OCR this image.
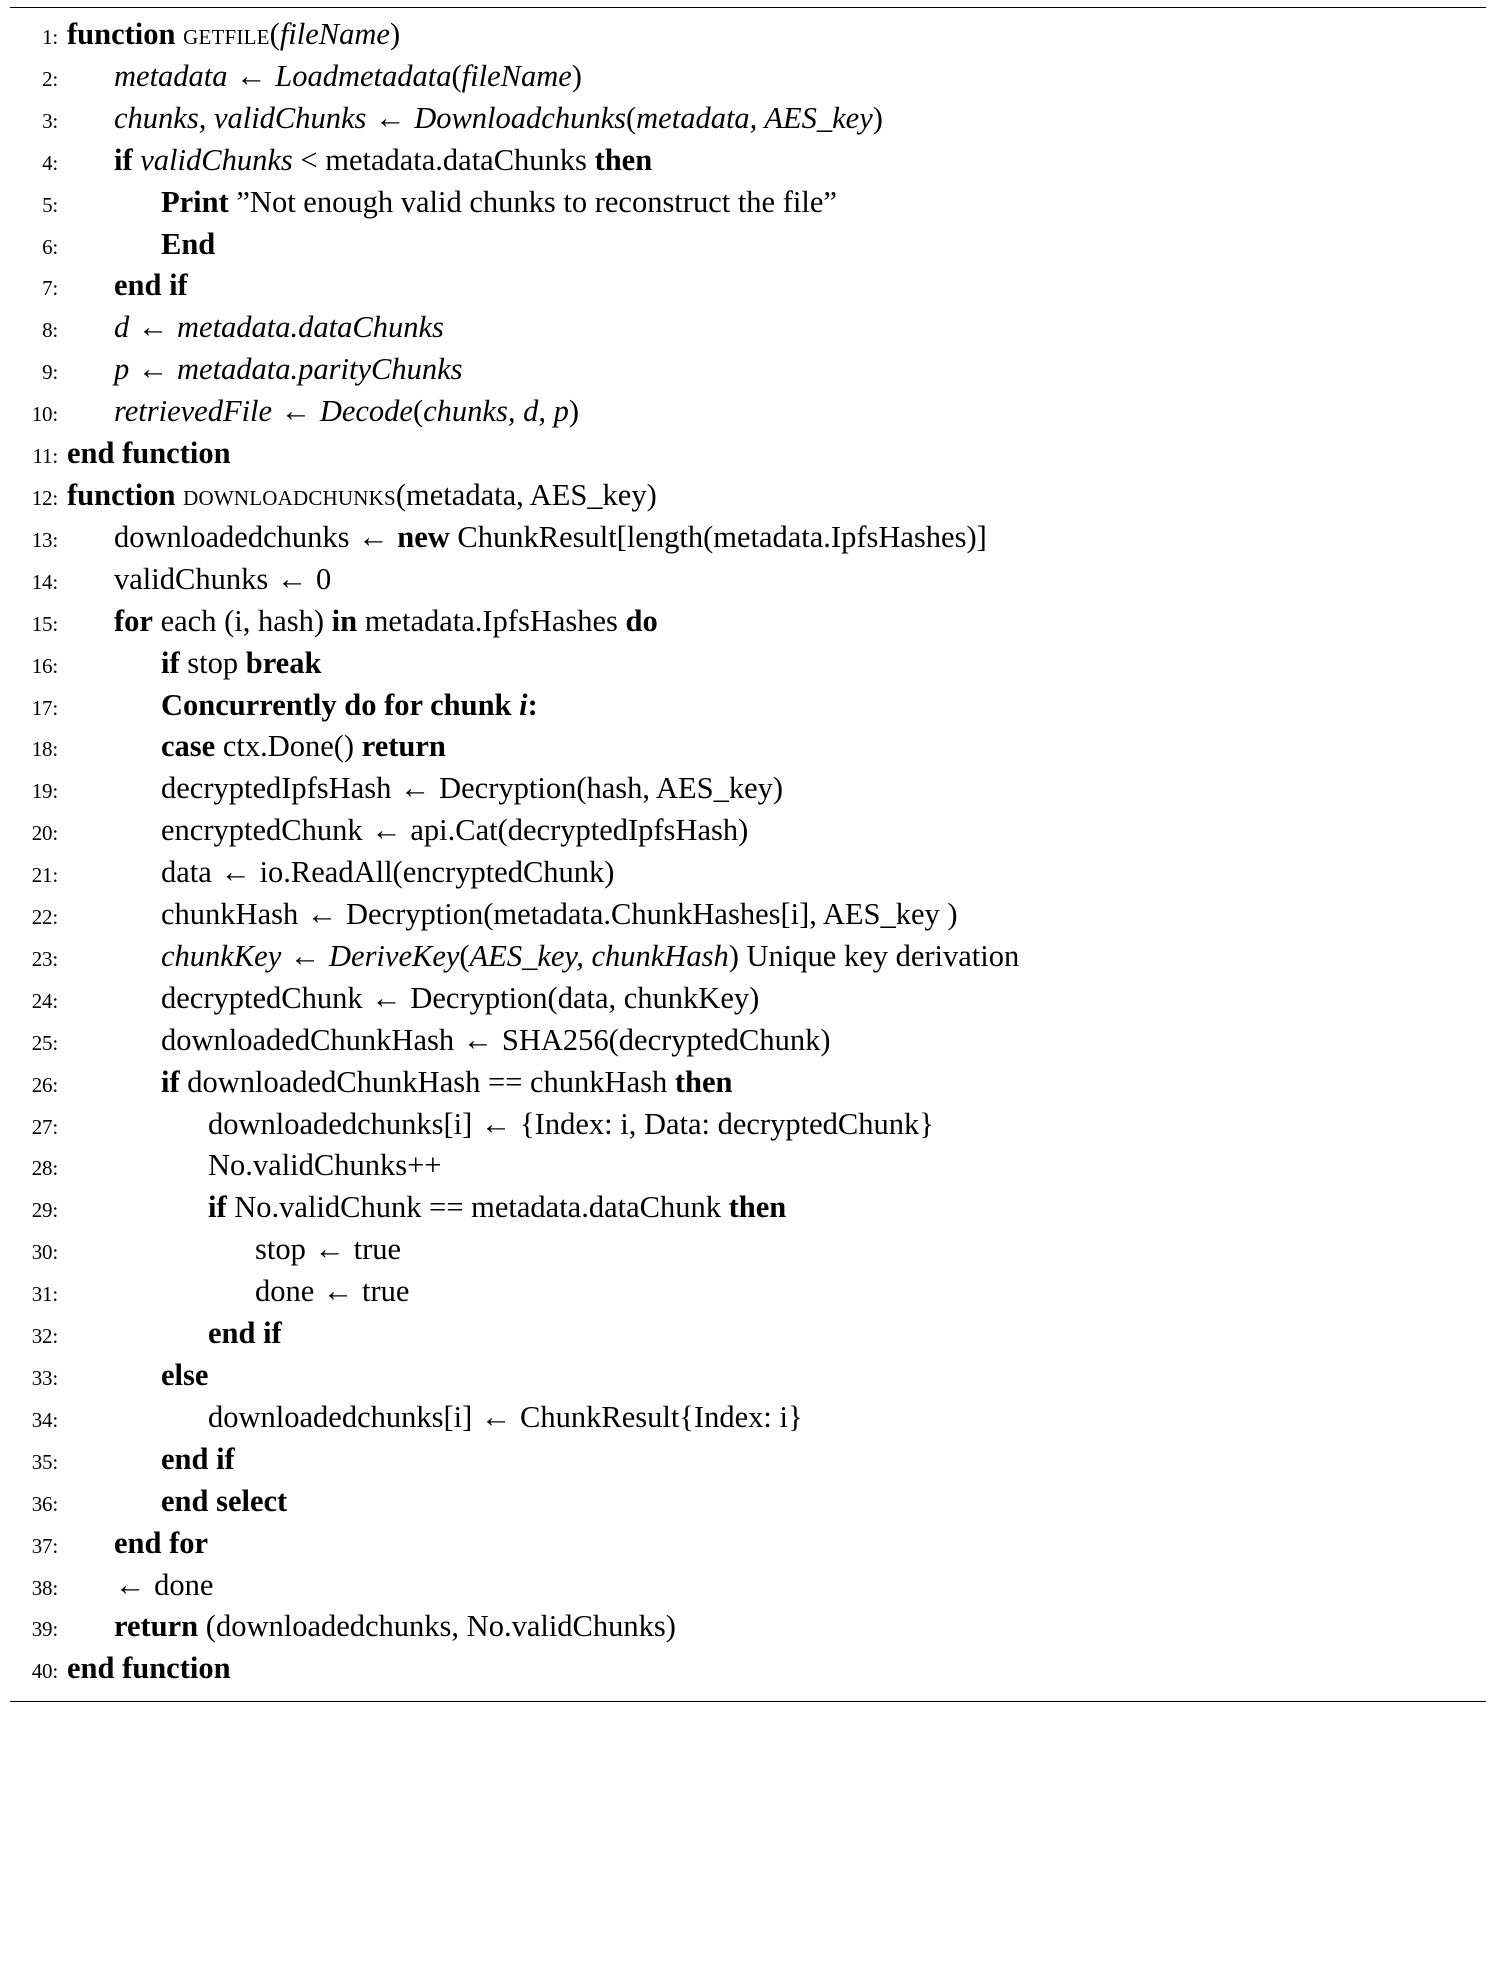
1: function getfile(fileName)
2:	metadata ← Loadmetadata(fileName)
3:	chunks, validChunks ← Downloadchunks(metadata, AES_key)
4:	if validChunks < metadata.dataChunks then
5:	Print ”Not enough valid chunks to reconstruct the file”
6:	End
7:	end if
8:	d ← metadata.dataChunks
9:	p ← metadata.parityChunks
10:	retrievedFile ← Decode(chunks, d, p)
11: end function
12: function downloadchunks(metadata, AES_key)
13:	downloadedchunks ← new ChunkResult[length(metadata.IpfsHashes)]
14:	validChunks ← 0
15:	for each (i, hash) in metadata.IpfsHashes do
16:	if stop break
17:	Concurrently do for chunk i:
18:	case ctx.Done() return
19:	decryptedIpfsHash ← Decryption(hash, AES_key)
20:	encryptedChunk ← api.Cat(decryptedIpfsHash)
21:	data ← io.ReadAll(encryptedChunk)
22:	chunkHash ← Decryption(metadata.ChunkHashes[i], AES_key )
23:	chunkKey ← DeriveKey(AES_key, chunkHash) Unique key derivation
24:	decryptedChunk ← Decryption(data, chunkKey)
25:	downloadedChunkHash ← SHA256(decryptedChunk)
26:	if downloadedChunkHash == chunkHash then
27:	downloadedchunks[i] ← {Index: i, Data: decryptedChunk}
28:	No.validChunks++
29:	if No.validChunk == metadata.dataChunk then
30:	stop ← true
31:	done ← true
32:	end if
33:	else
34:	downloadedchunks[i] ← ChunkResult{Index: i}
35:	end if
36:	end select
37:	end for
38:	← done
39:	return (downloadedchunks, No.validChunks)
40: end function
